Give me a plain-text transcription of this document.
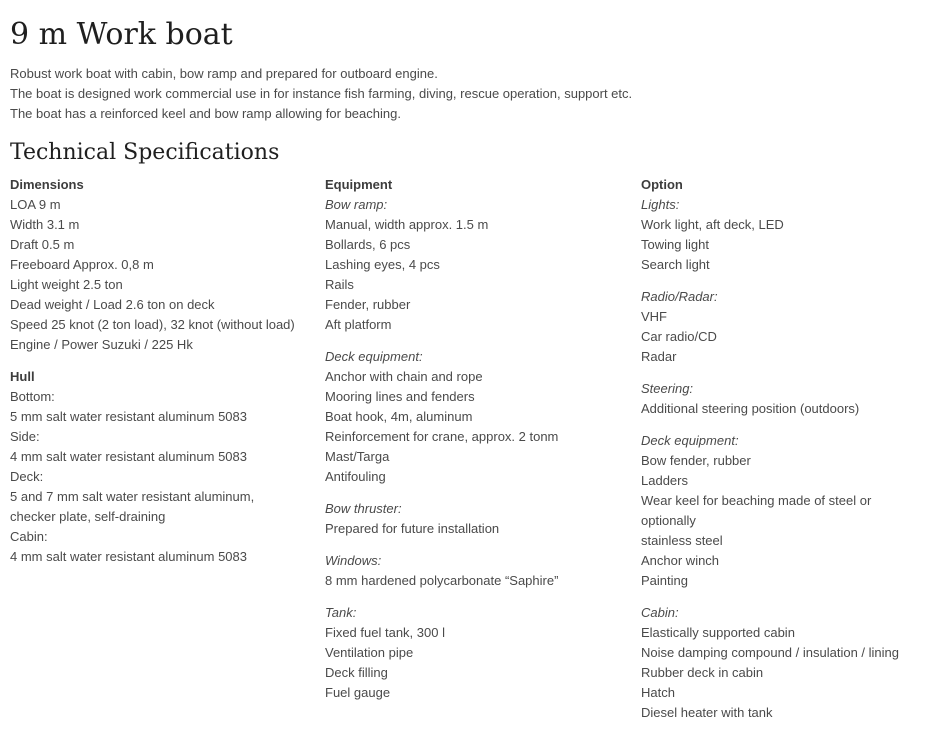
9 m Work boat
Robust work boat with cabin, bow ramp and prepared for outboard engine.
The boat is designed work commercial use in for instance fish farming, diving, rescue operation, support etc.
The boat has a reinforced keel and bow ramp allowing for beaching.
Technical Specifications
Dimensions
LOA 9 m
Width 3.1 m
Draft 0.5 m
Freeboard Approx. 0,8 m
Light weight 2.5 ton
Dead weight / Load 2.6 ton on deck
Speed 25 knot (2 ton load), 32 knot (without load)
Engine / Power Suzuki / 225 Hk
Hull
Bottom:
5 mm salt water resistant aluminum 5083
Side:
4 mm salt water resistant aluminum 5083
Deck:
5 and 7 mm salt water resistant aluminum,
checker plate, self-draining
Cabin:
4 mm salt water resistant aluminum 5083
Equipment
Bow ramp:
Manual, width approx. 1.5 m
Bollards, 6 pcs
Lashing eyes, 4 pcs
Rails
Fender, rubber
Aft platform
Deck equipment:
Anchor with chain and rope
Mooring lines and fenders
Boat hook, 4m, aluminum
Reinforcement for crane, approx. 2 tonm
Mast/Targa
Antifouling
Bow thruster:
Prepared for future installation
Windows:
8 mm hardened polycarbonate “Saphire”
Tank:
Fixed fuel tank, 300 l
Ventilation pipe
Deck filling
Fuel gauge
Option
Lights:
Work light, aft deck, LED
Towing light
Search light
Radio/Radar:
VHF
Car radio/CD
Radar
Steering:
Additional steering position (outdoors)
Deck equipment:
Bow fender, rubber
Ladders
Wear keel for beaching made of steel or optionally
stainless steel
Anchor winch
Painting
Cabin:
Elastically supported cabin
Noise damping compound / insulation / lining
Rubber deck in cabin
Hatch
Diesel heater with tank
